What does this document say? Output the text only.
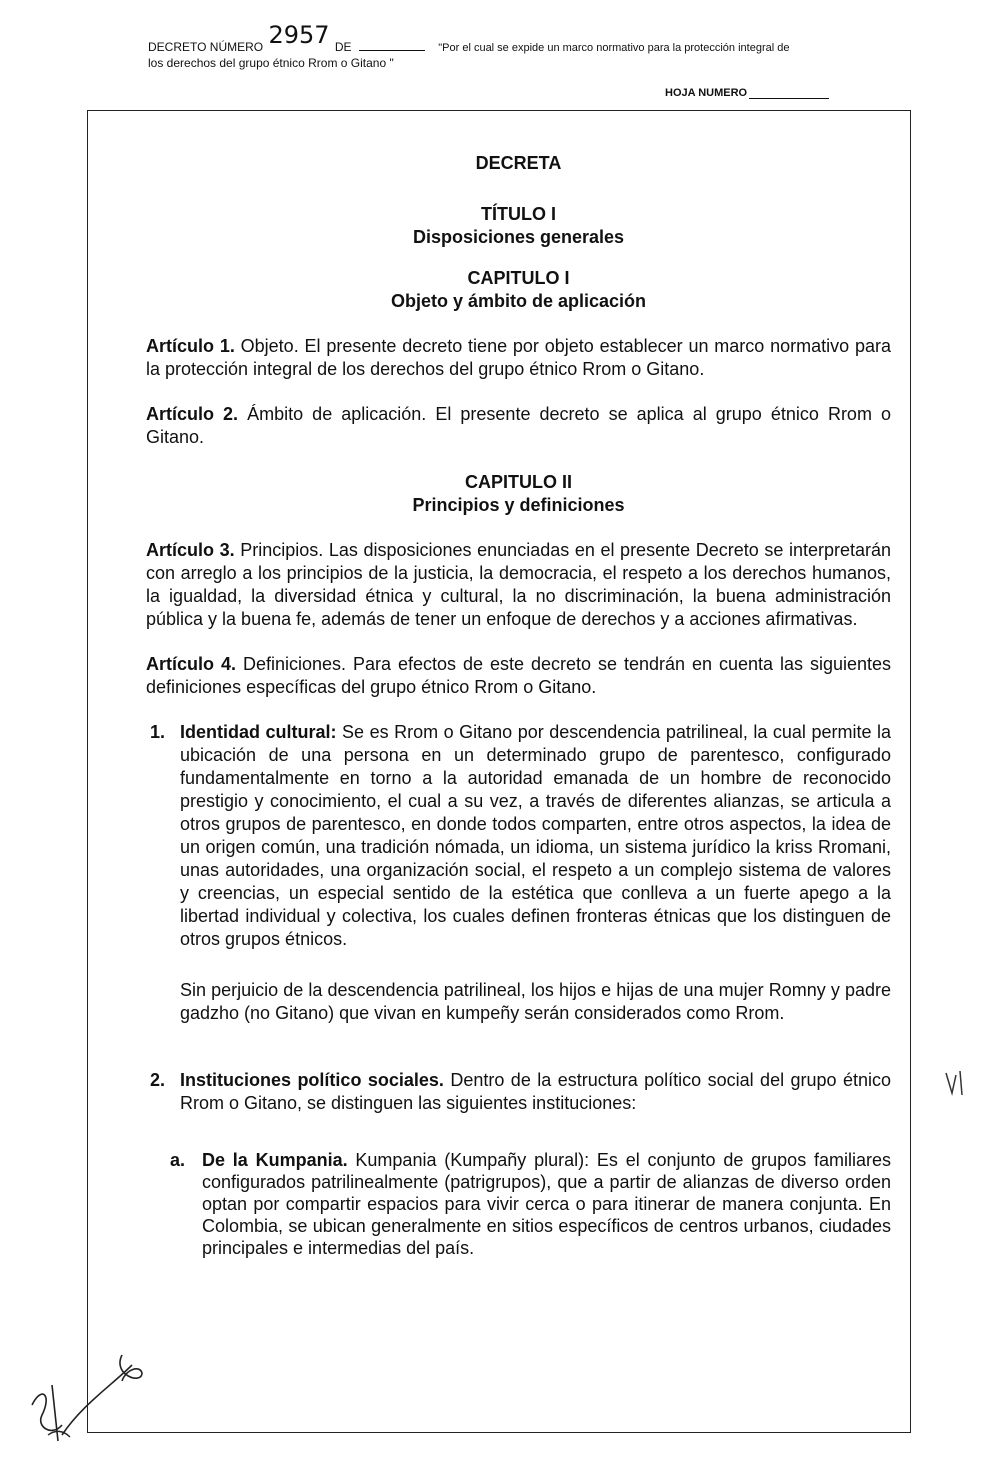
DECRETO NÚMERO 2957 DE	"Por el cual se expide un marco normativo para la protección integral de
los derechos del grupo étnico Rrom o Gitano "
HOJA NUMERO
DECRETA
TÍTULO I
Disposiciones generales
CAPITULO I
Objeto y ámbito de aplicación

Artículo 1. Objeto. El presente decreto tiene por objeto establecer un marco normativo para la protección integral de los derechos del grupo étnico Rrom o Gitano.

Artículo 2. Ámbito de aplicación. El presente decreto se aplica al grupo étnico Rrom o Gitano.

CAPITULO II
Principios y definiciones

Artículo 3. Principios. Las disposiciones enunciadas en el presente Decreto se interpretarán con arreglo a los principios de la justicia, la democracia, el respeto a los derechos humanos, la igualdad, la diversidad étnica y cultural, la no discriminación, la buena administración pública y la buena fe, además de tener un enfoque de derechos y a acciones afirmativas.

Artículo 4. Definiciones. Para efectos de este decreto se tendrán en cuenta las siguientes definiciones específicas del grupo étnico Rrom o Gitano.

1. Identidad cultural: Se es Rrom o Gitano por descendencia patrilineal, la cual permite la ubicación de una persona en un determinado grupo de parentesco, configurado fundamentalmente en torno a la autoridad emanada de un hombre de reconocido prestigio y conocimiento, el cual a su vez, a través de diferentes alianzas, se articula a otros grupos de parentesco, en donde todos comparten, entre otros aspectos, la idea de un origen común, una tradición nómada, un idioma, un sistema jurídico la kriss Rromani, unas autoridades, una organización social, el respeto a un complejo sistema de valores y creencias, un especial sentido de la estética que conlleva a un fuerte apego a la libertad individual y colectiva, los cuales definen fronteras étnicas que los distinguen de otros grupos étnicos.

Sin perjuicio de la descendencia patrilineal, los hijos e hijas de una mujer Romny y padre gadzho (no Gitano) que vivan en kumpeñy serán considerados como Rrom.

2. Instituciones político sociales. Dentro de la estructura político social del grupo étnico Rrom o Gitano, se distinguen las siguientes instituciones:

a. De la Kumpania. Kumpania (Kumpañy plural): Es el conjunto de grupos familiares configurados patrilinealmente (patrigrupos), que a partir de alianzas de diverso orden optan por compartir espacios para vivir cerca o para itinerar de manera conjunta. En Colombia, se ubican generalmente en sitios específicos de centros urbanos, ciudades principales e intermedias del país.
